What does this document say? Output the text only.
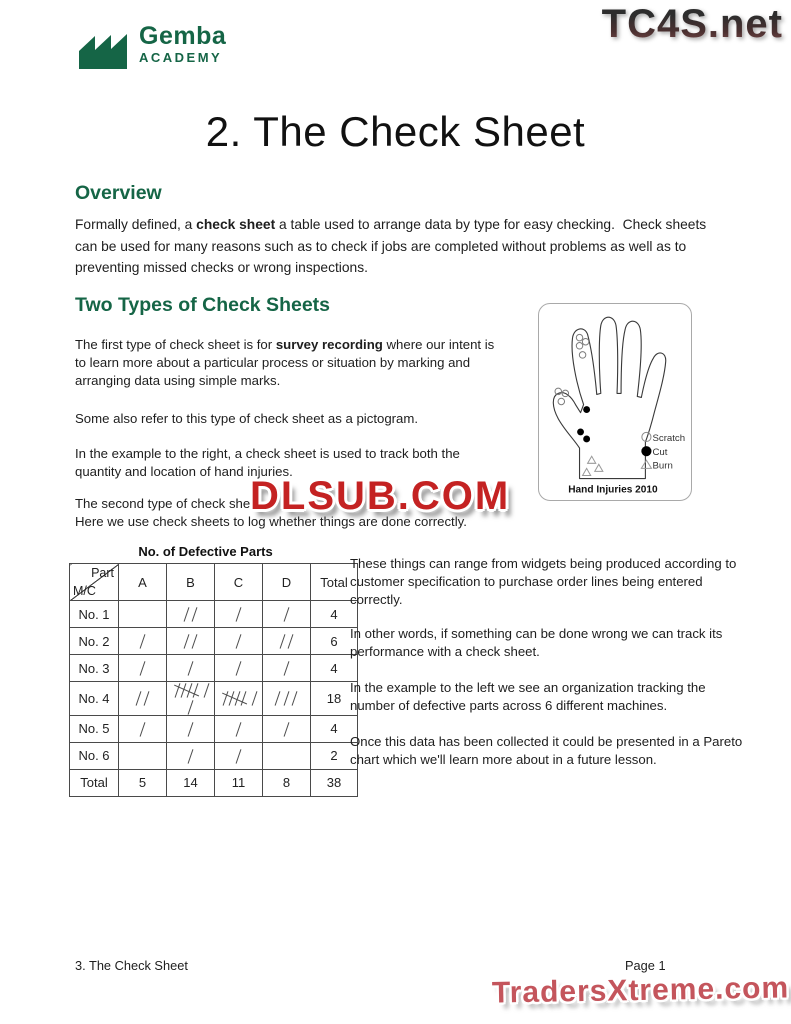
Gemba
ACADEMY
TC4S.net
2. The Check Sheet
Overview
Formally defined, a check sheet a table used to arrange data by type for easy checking.  Check sheets can be used for many reasons such as to check if jobs are completed without problems as well as to preventing missed checks or wrong inspections.
Two Types of Check Sheets
The first type of check sheet is for survey recording where our intent is to learn more about a particular process or situation by marking and arranging data using simple marks.
Some also refer to this type of check sheet as a pictogram.
In the example to the right, a check sheet is used to track both the quantity and location of hand injuries.

The second type of check she

Here we use check sheets to log whether things are done correctly.

DLSUB.COM
Scratch
Cut
Burn
Hand Injuries 2010
No. of Defective Parts
Part
M/C	A	B	C	D	Total
No. 1					4
No. 2					6
No. 3					4
No. 4					18
No. 5					4
No. 6					2
Total	5	14	11	8	38
These things can range from widgets being produced according to customer specification to purchase order lines being entered correctly.
In other words, if something can be done wrong we can track its performance with a check sheet.
In the example to the left we see an organization tracking the number of defective parts across 6 different machines.
Once this data has been collected it could be presented in a Pareto chart which we'll learn more about in a future lesson.
3. The Check Sheet	Page 1
TradersXtreme.com
